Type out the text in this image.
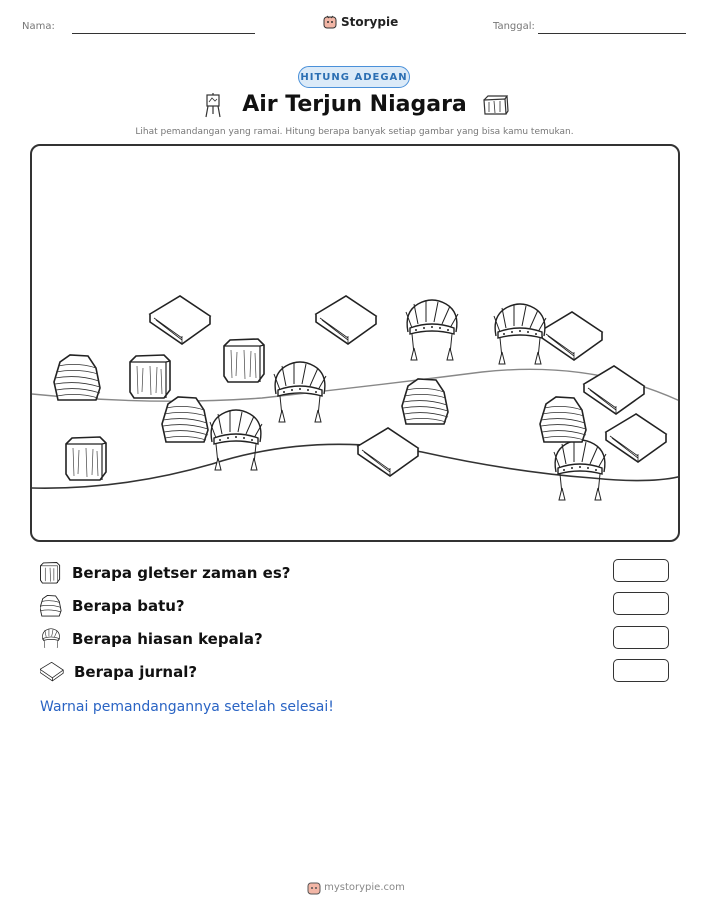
Nama:	Storypie	Tanggal:
HITUNG ADEGAN
Air Terjun Niagara
Lihat pemandangan yang ramai. Hitung berapa banyak setiap gambar yang bisa kamu temukan.
Berapa gletser zaman es?
Berapa batu?
Berapa hiasan kepala?
Berapa jurnal?
Warnai pemandangannya setelah selesai!
mystorypie.com
